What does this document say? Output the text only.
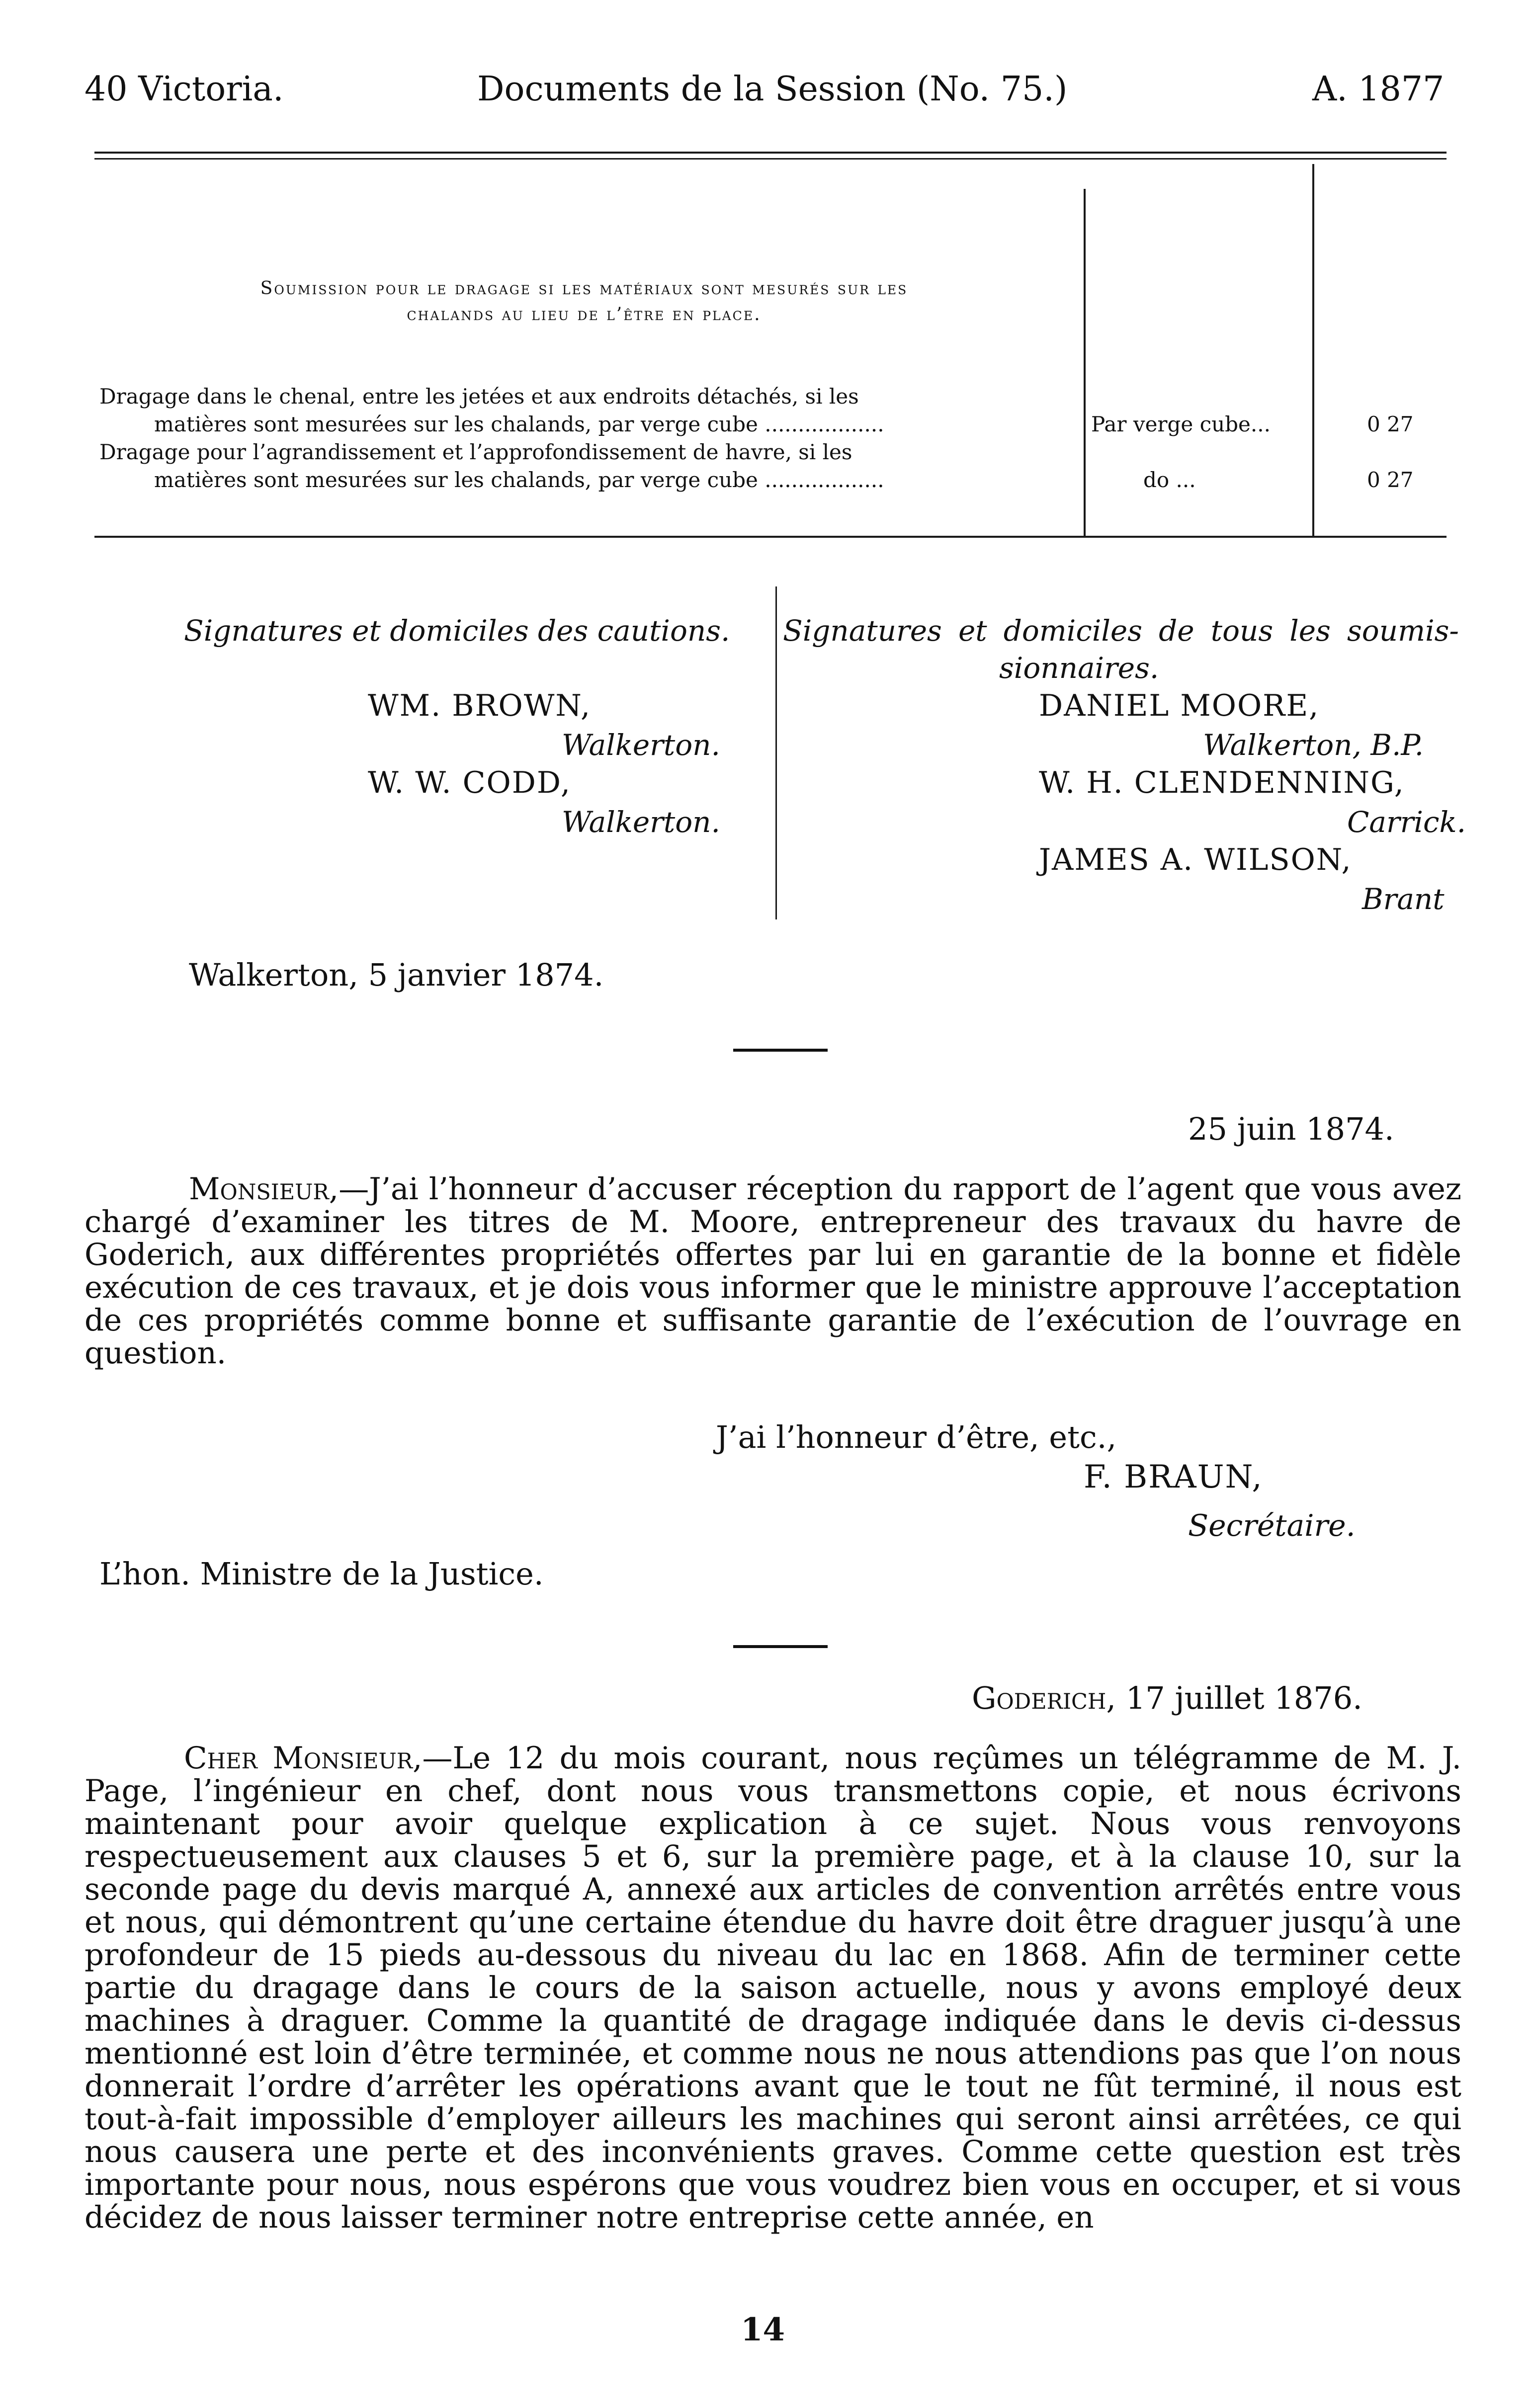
40 Victoria.	Documents de la Session (No. 75.)	A. 1877
Soumission pour le dragage si les matériaux sont mesurés sur les
chalands au lieu de l’être en place.
Dragage dans le chenal, entre les jetées et aux endroits détachés, si les
matières sont mesurées sur les chalands, par verge cube ..................	Par verge cube...	0 27
Dragage pour l’agrandissement et l’approfondissement de havre, si les
matières sont mesurées sur les chalands, par verge cube ..................	do ...	0 27
Signatures et domiciles des cautions.
WM. BROWN,
Walkerton.
W. W. CODD,
Walkerton.
Signatures et domiciles de tous les soumis-
sionnaires.
DANIEL MOORE,
Walkerton, B.P.
W. H. CLENDENNING,
Carrick.
JAMES A. WILSON,
Brant
Walkerton, 5 janvier 1874.
25 juin 1874.
Monsieur,—J’ai l’honneur d’accuser réception du rapport de l’agent que vous avez chargé d’examiner les titres de M. Moore, entrepreneur des travaux du havre de Goderich, aux différentes propriétés offertes par lui en garantie de la bonne et fidèle exécution de ces travaux, et je dois vous informer que le ministre approuve l’acceptation de ces propriétés comme bonne et suffisante garantie de l’exécution de l’ouvrage en question.
J’ai l’honneur d’être, etc.,
F. BRAUN,
Secrétaire.
L’hon. Ministre de la Justice.
Goderich, 17 juillet 1876.
Cher Monsieur,—Le 12 du mois courant, nous reçûmes un télégramme de M. J. Page, l’ingénieur en chef, dont nous vous transmettons copie, et nous écrivons maintenant pour avoir quelque explication à ce sujet. Nous vous renvoyons respectueusement aux clauses 5 et 6, sur la première page, et à la clause 10, sur la seconde page du devis marqué A, annexé aux articles de convention arrêtés entre vous et nous, qui démontrent qu’une certaine étendue du havre doit être draguer jusqu’à une profondeur de 15 pieds au-dessous du niveau du lac en 1868. Afin de terminer cette partie du dragage dans le cours de la saison actuelle, nous y avons employé deux machines à draguer. Comme la quantité de dragage indiquée dans le devis ci-dessus mentionné est loin d’être terminée, et comme nous ne nous attendions pas que l’on nous donnerait l’ordre d’arrêter les opérations avant que le tout ne fût terminé, il nous est tout-à-fait impossible d’employer ailleurs les machines qui seront ainsi arrêtées, ce qui nous causera une perte et des inconvénients graves. Comme cette question est très importante pour nous, nous espérons que vous voudrez bien vous en occuper, et si vous décidez de nous laisser terminer notre entreprise cette année, en
14
